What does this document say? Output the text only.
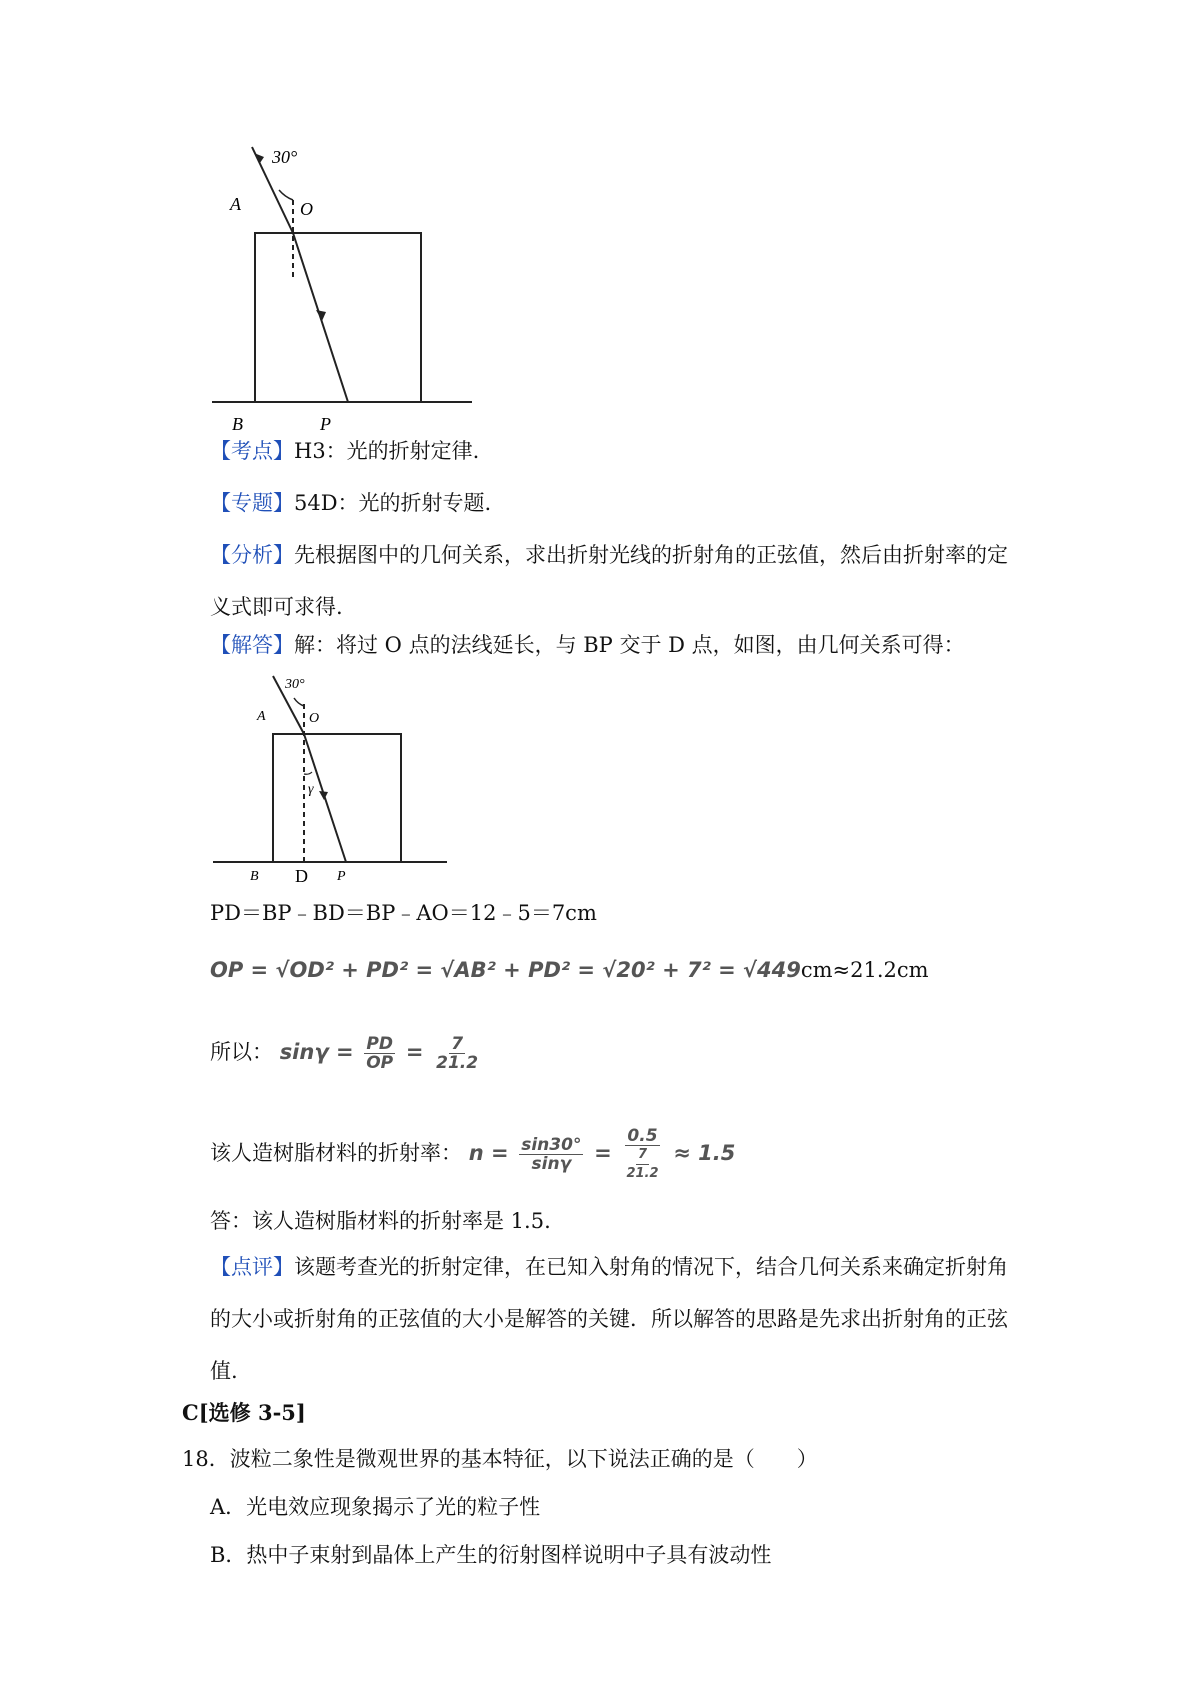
30°
A	O
B	P
【考点】H3：光的折射定律.
【专题】54D：光的折射专题.
【分析】先根据图中的几何关系，求出折射光线的折射角的正弦值，然后由折射率的定
义式即可求得.
【解答】解：将过 O 点的法线延长，与 BP 交于 D 点，如图，由几何关系可得：
30°
A	O
γ
B D P
PD＝BP﹣BD＝BP﹣AO＝12﹣5＝7cm
OP = √OD² + PD² = √AB² + PD² = √20² + 7² = √449cm≈21.2cm
所以： $\sin\gamma = \frac{PD}{OP} = \frac{7}{21.2}$
该人造树脂材料的折射率： $n = \frac{\sin 30^\circ}{\sin\gamma} = \frac{0.5}{\frac{7}{21.2}} \approx 1.5$
答：该人造树脂材料的折射率是 1.5.
【点评】该题考查光的折射定律，在已知入射角的情况下，结合几何关系来确定折射角
的大小或折射角的正弦值的大小是解答的关键．所以解答的思路是先求出折射角的正弦
值.
C[选修 3-5]
18．波粒二象性是微观世界的基本特征，以下说法正确的是（　　）
A．光电效应现象揭示了光的粒子性
B．热中子束射到晶体上产生的衍射图样说明中子具有波动性
